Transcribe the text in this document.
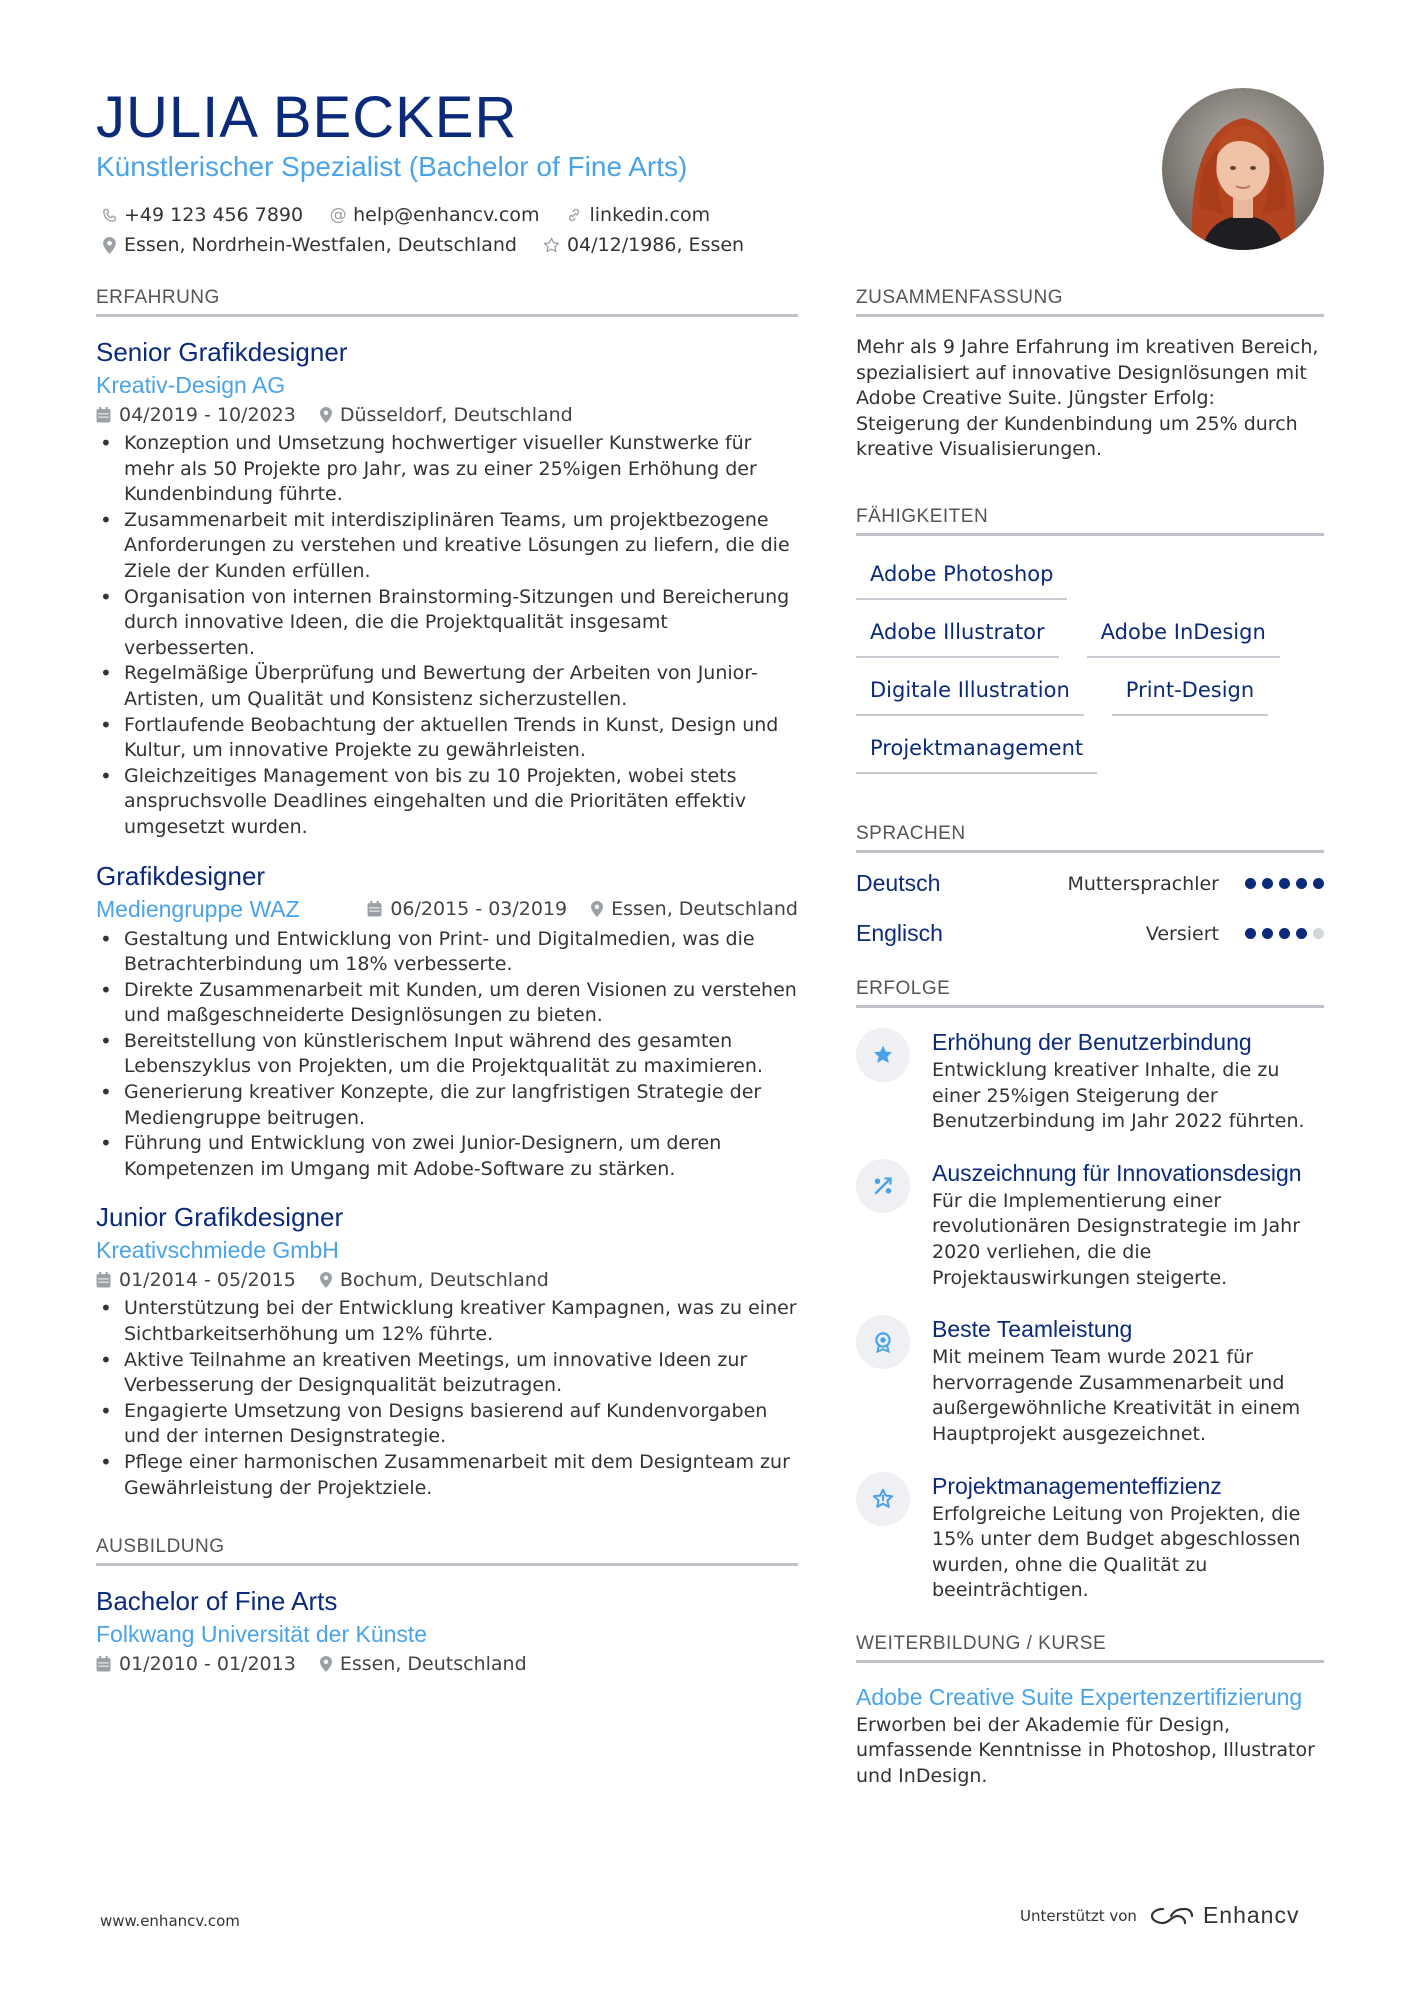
JULIA BECKER
Künstlerischer Spezialist (Bachelor of Fine Arts)
+49 123 456 7890 @ help@enhancv.com	linkedin.com
Essen, Nordrhein-Westfalen, Deutschland	04/12/1986, Essen
ERFAHRUNG
Senior Grafikdesigner
Kreativ-Design AG
04/2019 - 10/2023 Düsseldorf, Deutschland
• Konzeption und Umsetzung hochwertiger visueller Kunstwerke für mehr als 50 Projekte pro Jahr, was zu einer 25%igen Erhöhung der Kundenbindung führte.
• Zusammenarbeit mit interdisziplinären Teams, um projektbezogene Anforderungen zu verstehen und kreative Lösungen zu liefern, die die Ziele der Kunden erfüllen.
• Organisation von internen Brainstorming-Sitzungen und Bereicherung durch innovative Ideen, die die Projektqualität insgesamt verbesserten.
• Regelmäßige Überprüfung und Bewertung der Arbeiten von Junior-Artisten, um Qualität und Konsistenz sicherzustellen.
• Fortlaufende Beobachtung der aktuellen Trends in Kunst, Design und Kultur, um innovative Projekte zu gewährleisten.
• Gleichzeitiges Management von bis zu 10 Projekten, wobei stets anspruchsvolle Deadlines eingehalten und die Prioritäten effektiv umgesetzt wurden.
Grafikdesigner
Mediengruppe WAZ	06/2015 - 03/2019 Essen, Deutschland
• Gestaltung und Entwicklung von Print- und Digitalmedien, was die Betrachterbindung um 18% verbesserte.
• Direkte Zusammenarbeit mit Kunden, um deren Visionen zu verstehen und maßgeschneiderte Designlösungen zu bieten.
• Bereitstellung von künstlerischem Input während des gesamten Lebenszyklus von Projekten, um die Projektqualität zu maximieren.
• Generierung kreativer Konzepte, die zur langfristigen Strategie der Mediengruppe beitrugen.
• Führung und Entwicklung von zwei Junior-Designern, um deren Kompetenzen im Umgang mit Adobe-Software zu stärken.
Junior Grafikdesigner
Kreativschmiede GmbH
01/2014 - 05/2015 Bochum, Deutschland
• Unterstützung bei der Entwicklung kreativer Kampagnen, was zu einer Sichtbarkeitserhöhung um 12% führte.
• Aktive Teilnahme an kreativen Meetings, um innovative Ideen zur Verbesserung der Designqualität beizutragen.
• Engagierte Umsetzung von Designs basierend auf Kundenvorgaben und der internen Designstrategie.
• Pflege einer harmonischen Zusammenarbeit mit dem Designteam zur Gewährleistung der Projektziele.
AUSBILDUNG
Bachelor of Fine Arts
Folkwang Universität der Künste
01/2010 - 01/2013 Essen, Deutschland
ZUSAMMENFASSUNG

Mehr als 9 Jahre Erfahrung im kreativen Bereich, spezialisiert auf innovative Designlösungen mit Adobe Creative Suite. Jüngster Erfolg: Steigerung der Kundenbindung um 25% durch kreative Visualisierungen.

FÄHIGKEITEN
Adobe Photoshop
Adobe Illustrator	Adobe InDesign
Digitale Illustration	Print-Design
Projektmanagement
SPRACHEN
Deutsch	Muttersprachler
Englisch	Versiert
ERFOLGE
Erhöhung der Benutzerbindung
Entwicklung kreativer Inhalte, die zu einer 25%igen Steigerung der Benutzerbindung im Jahr 2022 führten.
Auszeichnung für Innovationsdesign
Für die Implementierung einer revolutionären Designstrategie im Jahr 2020 verliehen, die die Projektauswirkungen steigerte.
Beste Teamleistung
Mit meinem Team wurde 2021 für hervorragende Zusammenarbeit und außergewöhnliche Kreativität in einem Hauptprojekt ausgezeichnet.
Projektmanagementeffizienz
Erfolgreiche Leitung von Projekten, die 15% unter dem Budget abgeschlossen wurden, ohne die Qualität zu beeinträchtigen.
WEITERBILDUNG / KURSE
Adobe Creative Suite Expertenzertifizierung
Erworben bei der Akademie für Design, umfassende Kenntnisse in Photoshop, Illustrator und InDesign.
www.enhancv.com	Unterstützt von	Enhancv
